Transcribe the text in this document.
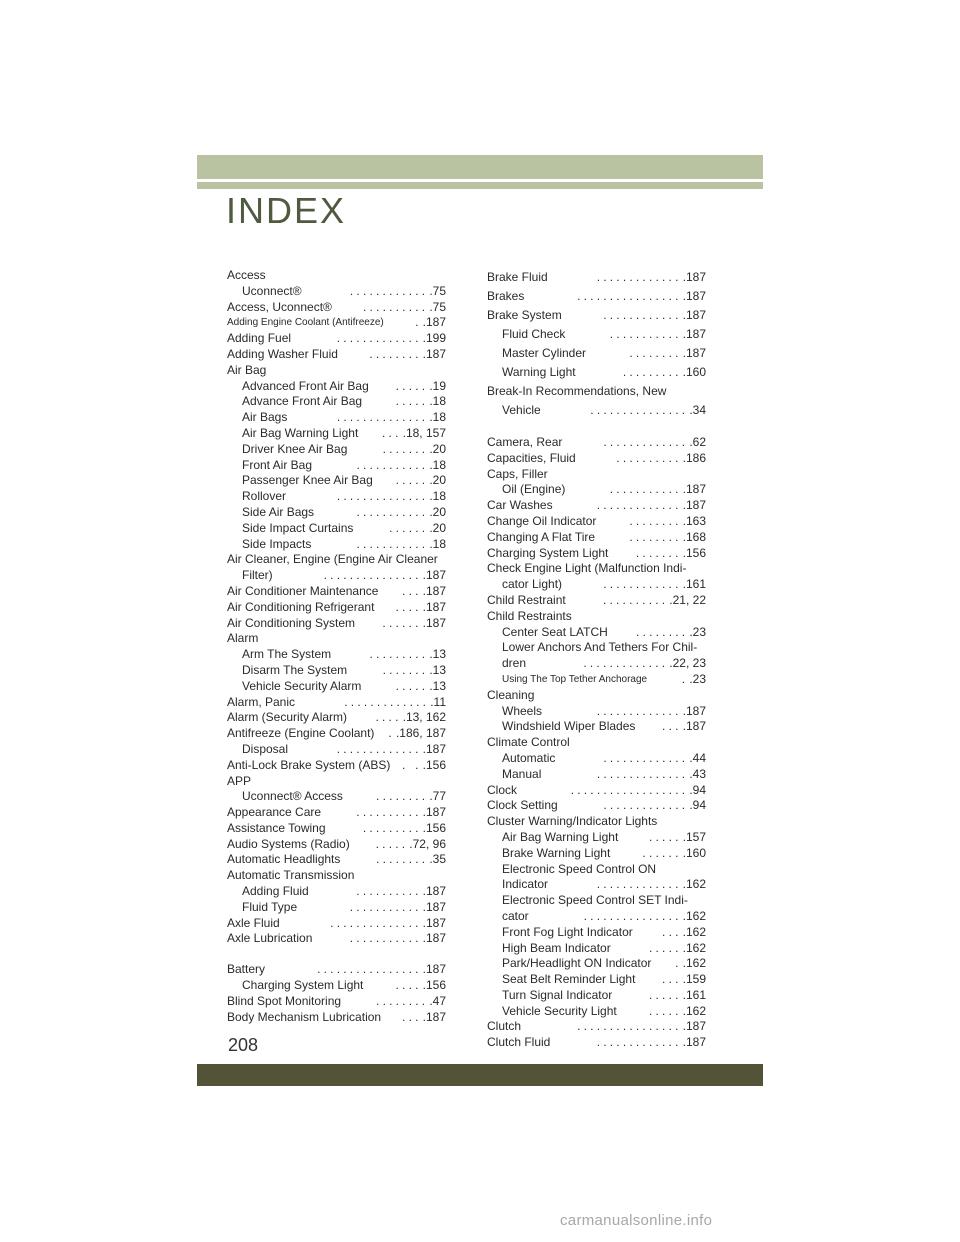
INDEX
Access
Uconnect®	............ .75
Access, Uconnect®	.......... .75
Adding Engine Coolant (Antifreeze)	. .187
Adding Fuel	............. .199
Adding Washer Fluid	........ .187
Air Bag
Advanced Front Air Bag	..... .19
Advance Front Air Bag	..... .18
Air Bags	.............. .18
Air Bag Warning Light	... .18, 157
Driver Knee Air Bag	....... .20
Front Air Bag	........... .18
Passenger Knee Air Bag	..... .20
Rollover	.............. .18
Side Air Bags	........... .20
Side Impact Curtains	...... .20
Side Impacts	........... .18
Air Cleaner, Engine (Engine Air Cleaner
Filter)	............... .187
Air Conditioner Maintenance	... .187
Air Conditioning Refrigerant	.... .187
Air Conditioning System	...... .187
Alarm
Arm The System	......... .13
Disarm The System	....... .13
Vehicle Security Alarm	..... .13
Alarm, Panic	............. .11
Alarm (Security Alarm)	.... .13, 162
Antifreeze (Engine Coolant)	. .186, 187
Disposal	............. .187
Anti-Lock Brake System (ABS) . . .156
APP
Uconnect® Access	........ .77
Appearance Care	.......... .187
Assistance Towing	......... .156
Audio Systems (Radio)	..... .72, 96
Automatic Headlights	........ .35
Automatic Transmission
Adding Fluid	.......... .187
Fluid Type	........... .187
Axle Fluid	.............. .187
Axle Lubrication	........... .187
Battery	................ .187
Charging System Light	.... .156
Blind Spot Monitoring	........ .47
Body Mechanism Lubrication	... .187
Brake Fluid	............. .187
Brakes	................ .187
Brake System	............ .187
Fluid Check	........... .187
Master Cylinder	........ .187
Warning Light	......... .160
Break-In Recommendations, New
Vehicle	............... .34
Camera, Rear	............. .62
Capacities, Fluid	.......... .186
Caps, Filler
Oil (Engine)	........... .187
Car Washes	............. .187
Change Oil Indicator	........ .163
Changing A Flat Tire	........ .168
Charging System Light	....... .156
Check Engine Light (Malfunction Indi-
cator Light)	............ .161
Child Restraint	.......... .21, 22
Child Restraints
Center Seat LATCH	........ .23
Lower Anchors And Tethers For Chil-
dren	............. .22, 23
Using The Top Tether Anchorage	. .23
Cleaning
Wheels	............. .187
Windshield Wiper Blades	... .187
Climate Control
Automatic	............. .44
Manual	.............. .43
Clock	.................. .94
Clock Setting	............. .94
Cluster Warning/Indicator Lights
Air Bag Warning Light	..... .157
Brake Warning Light	...... .160
Electronic Speed Control ON
Indicator	............. .162
Electronic Speed Control SET Indi-
cator	............... .162
Front Fog Light Indicator	... .162
High Beam Indicator	..... .162
Park/Headlight ON Indicator	. .162
Seat Belt Reminder Light	... .159
Turn Signal Indicator	..... .161
Vehicle Security Light	..... .162
Clutch	................ .187
Clutch Fluid	............. .187
208
carmanualsonline.info
